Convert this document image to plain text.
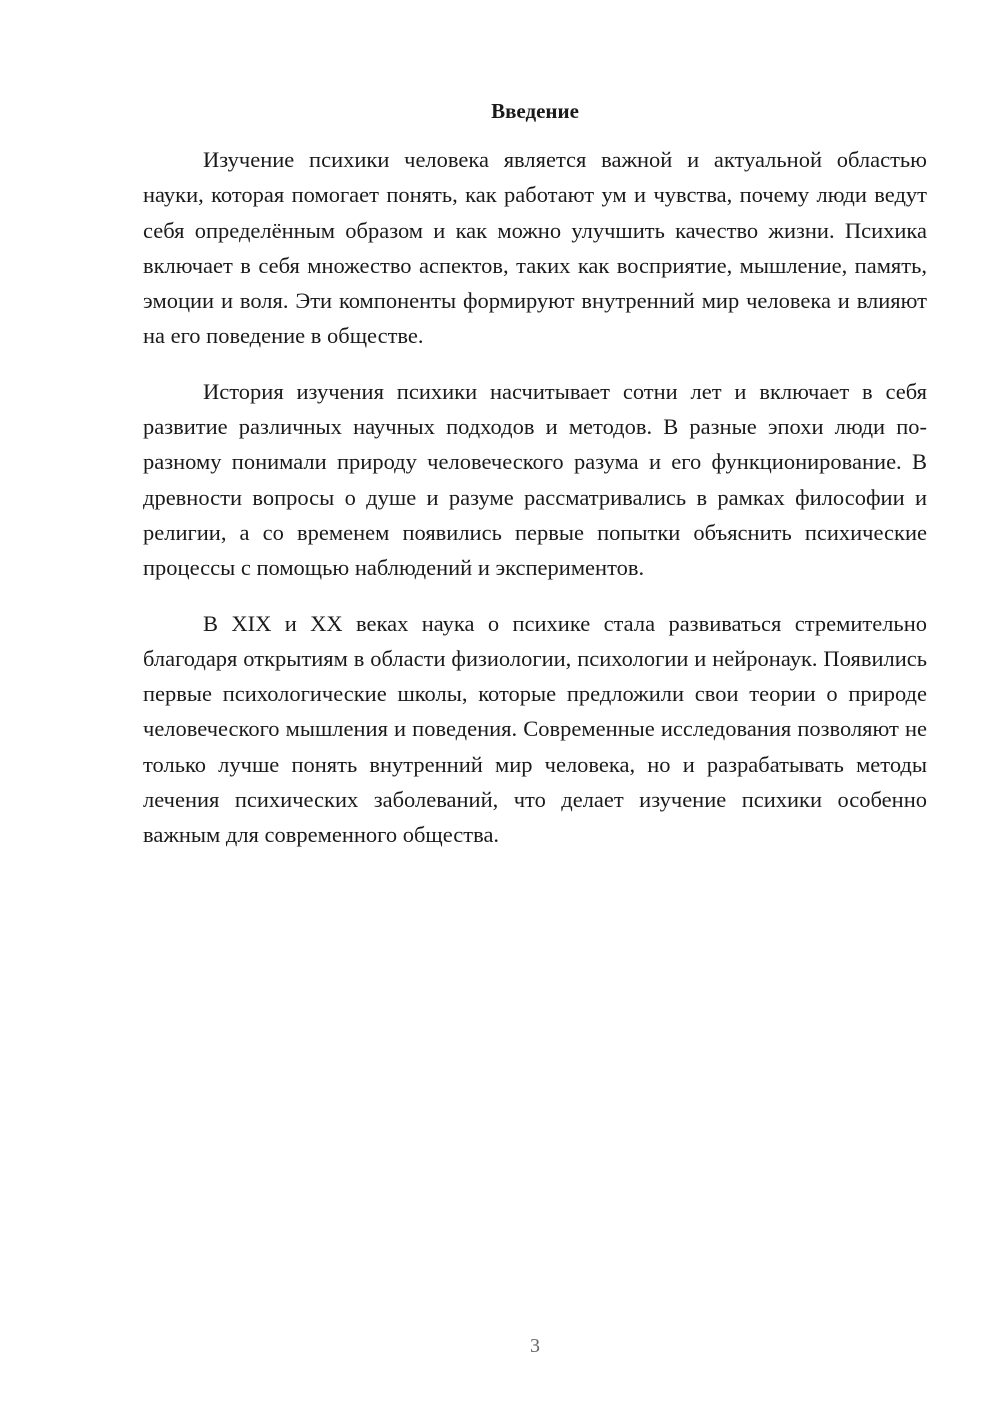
Введение

Изучение психики человека является важной и актуальной областью науки, которая помогает понять, как работают ум и чувства, почему люди ведут себя определённым образом и как можно улучшить качество жизни. Психика включает в себя множество аспектов, таких как восприятие, мышление, память, эмоции и воля. Эти компоненты формируют внутренний мир человека и влияют на его поведение в обществе.

История изучения психики насчитывает сотни лет и включает в себя развитие различных научных подходов и методов. В разные эпохи люди по-разному понимали природу человеческого разума и его функционирование. В древности вопросы о душе и разуме рассматривались в рамках философии и религии, а со временем появились первые попытки объяснить психические процессы с помощью наблюдений и экспериментов.

В XIX и XX веках наука о психике стала развиваться стремительно благодаря открытиям в области физиологии, психологии и нейронаук. Появились первые психологические школы, которые предложили свои теории о природе человеческого мышления и поведения. Современные исследования позволяют не только лучше понять внутренний мир человека, но и разрабатывать методы лечения психических заболеваний, что делает изучение психики особенно важным для современного общества.

3
